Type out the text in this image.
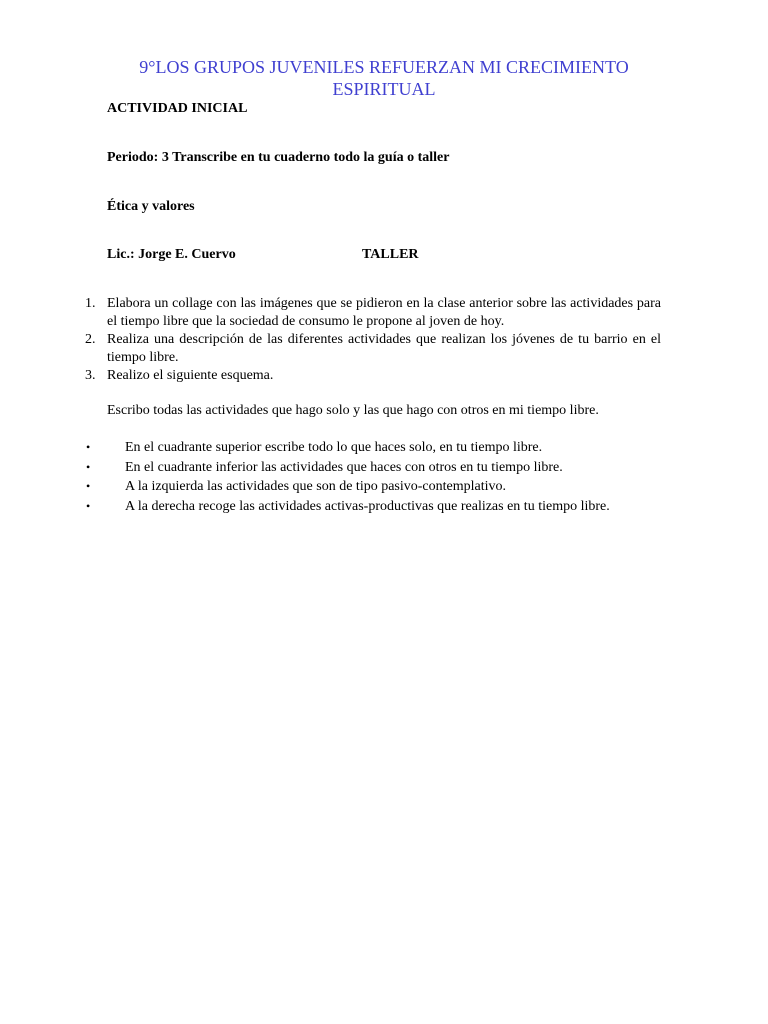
9°LOS GRUPOS JUVENILES REFUERZAN MI CRECIMIENTO ESPIRITUAL
ACTIVIDAD INICIAL
Periodo: 3 Transcribe en tu cuaderno todo la guía o taller
Ética y valores
Lic.: Jorge E. Cuervo	TALLER
1. Elabora un collage con las imágenes que se pidieron en la clase anterior sobre las actividades para el tiempo libre que la sociedad de consumo le propone al joven de hoy.
2. Realiza una descripción de las diferentes actividades que realizan los jóvenes de tu barrio en el tiempo libre.
3. Realizo el siguiente esquema.
Escribo todas las actividades que hago solo y las que hago con otros en mi tiempo libre.
• En el cuadrante superior escribe todo lo que haces solo, en tu tiempo libre.
• En el cuadrante inferior las actividades que haces con otros en tu tiempo libre.
• A la izquierda las actividades que son de tipo pasivo-contemplativo.
• A la derecha recoge las actividades activas-productivas que realizas en tu tiempo libre.
